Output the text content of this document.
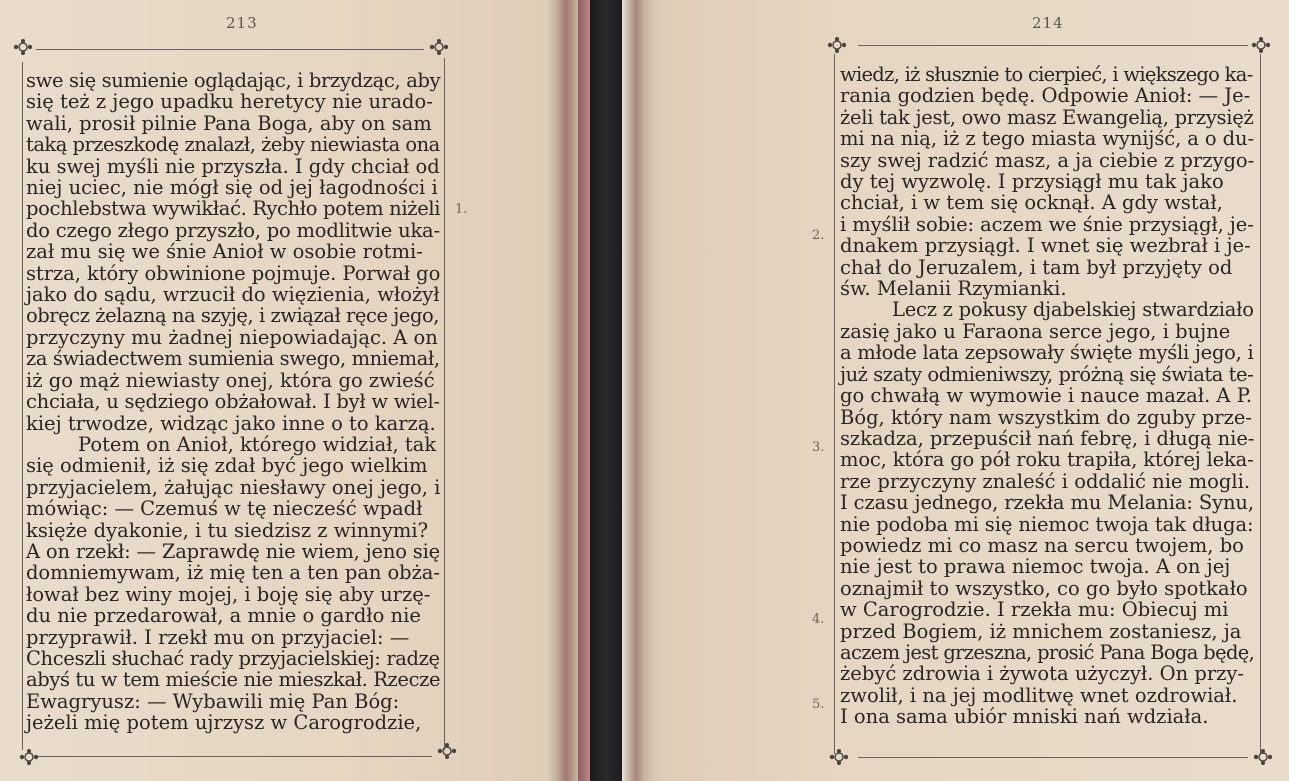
213
swe się sumienie oglądając, i brzydząc, aby
się też z jego upadku heretycy nie urado-
wali, prosił pilnie Pana Boga, aby on sam
taką przeszkodę znalazł, żeby niewiasta ona
ku swej myśli nie przyszła. I gdy chciał od
niej uciec, nie mógł się od jej łagodności i
pochlebstwa wywikłać. Rychło potem niżeli
do czego złego przyszło, po modlitwie uka-
zał mu się we śnie Anioł w osobie rotmi-
strza, który obwinione pojmuje. Porwał go
jako do sądu, wrzucił do więzienia, włożył
obręcz żelazną na szyję, i związał ręce jego,
przyczyny mu żadnej niepowiadając. A on
za świadectwem sumienia swego, mniemał,
iż go mąż niewiasty onej, która go zwieść
chciała, u sędziego obżałował. I był w wiel-
kiej trwodze, widząc jako inne o to karzą.
Potem on Anioł, którego widział, tak
się odmienił, iż się zdał być jego wielkim
przyjacielem, żałując niesławy onej jego, i
mówiąc: — Czemuś w tę niecześć wpadł
księże dyakonie, i tu siedzisz z winnymi?
A on rzekł: — Zaprawdę nie wiem, jeno się
domniemywam, iż mię ten a ten pan obża-
łował bez winy mojej, i boję się aby urzę-
du nie przedarował, a mnie o gardło nie
przyprawił. I rzekł mu on przyjaciel: —
Chceszli słuchać rady przyjacielskiej: radzę
abyś tu w tem mieście nie mieszkał. Rzecze
Ewagryusz: — Wybawili mię Pan Bóg:
jeżeli mię potem ujrzysz w Carogrodzie,
1.
214
wiedz, iż słusznie to cierpieć, i większego ka-
rania godzien będę. Odpowie Anioł: — Je-
żeli tak jest, owo masz Ewangelią, przysięż
mi na nią, iż z tego miasta wynijść, a o du-
szy swej radzić masz, a ja ciebie z przygo-
dy tej wyzwolę. I przysiągł mu tak jako
chciał, i w tem się ocknął. A gdy wstał,
i myślił sobie: aczem we śnie przysiągł, je-
dnakem przysiągł. I wnet się wezbrał i je-
chał do Jeruzalem, i tam był przyjęty od
św. Melanii Rzymianki.
Lecz z pokusy djabelskiej stwardziało
zasię jako u Faraona serce jego, i bujne
a młode lata zepsowały święte myśli jego, i
już szaty odmieniwszy, próżną się świata te-
go chwałą w wymowie i nauce mazał. A P.
Bóg, który nam wszystkim do zguby prze-
szkadza, przepuścił nań febrę, i długą nie-
moc, która go pół roku trapiła, której leka-
rze przyczyny znaleść i oddalić nie mogli.
I czasu jednego, rzekła mu Melania: Synu,
nie podoba mi się niemoc twoja tak długa:
powiedz mi co masz na sercu twojem, bo
nie jest to prawa niemoc twoja. A on jej
oznajmił to wszystko, co go było spotkało
w Carogrodzie. I rzekła mu: Obiecuj mi
przed Bogiem, iż mnichem zostaniesz, ja
aczem jest grzeszna, prosić Pana Boga będę,
żebyć zdrowia i żywota użyczył. On przy-
zwolił, i na jej modlitwę wnet ozdrowiał.
I ona sama ubiór mniski nań wdziała.
2.
3.
4.
5.
